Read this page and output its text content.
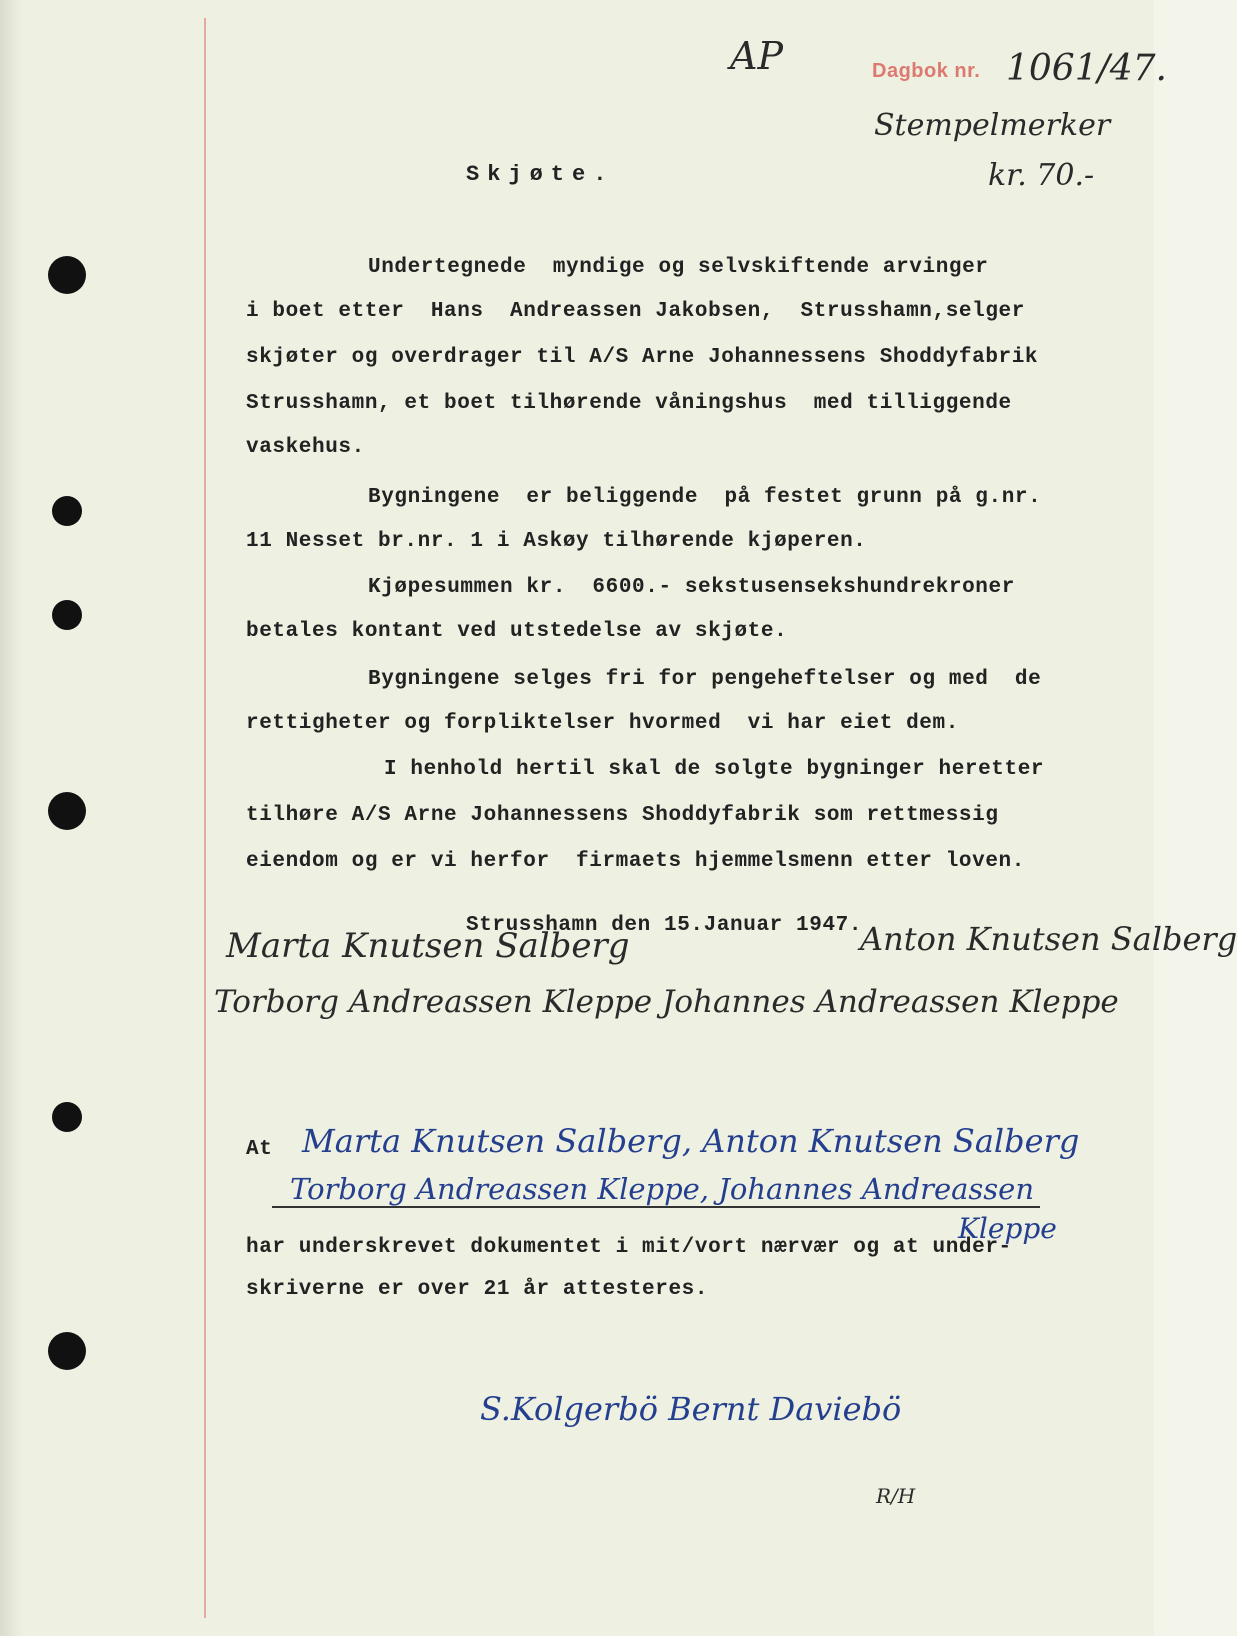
AP	Dagbok nr. 1061/47.
Stempelmerker
kr. 70.-
Skjøte.
Undertegnede  myndige og selvskiftende arvinger
i boet etter  Hans  Andreassen Jakobsen,  Strusshamn,selger
skjøter og overdrager til A/S Arne Johannessens Shoddyfabrik
Strusshamn, et boet tilhørende våningshus  med tilliggende
vaskehus.
Bygningene  er beliggende  på festet grunn på g.nr.
11 Nesset br.nr. 1 i Askøy tilhørende kjøperen.
Kjøpesummen kr.  6600.- sekstusensekshundrekroner
betales kontant ved utstedelse av skjøte.
Bygningene selges fri for pengeheftelser og med  de
rettigheter og forpliktelser hvormed  vi har eiet dem.
I henhold hertil skal de solgte bygninger heretter
tilhøre A/S Arne Johannessens Shoddyfabrik som rettmessig
eiendom og er vi herfor  firmaets hjemmelsmenn etter loven.
Strusshamn den 15.Januar 1947.
Marta Knutsen Salberg	Anton Knutsen Salberg
Torborg Andreassen Kleppe Johannes Andreassen Kleppe
At Marta Knutsen Salberg, Anton Knutsen Salberg
Torborg Andreassen Kleppe, Johannes Andreassen
Kleppe
har underskrevet dokumentet i mit/vort nærvær og at under-
skriverne er over 21 år attesteres.
S.Kolgerbö Bernt Daviebö
R/H
